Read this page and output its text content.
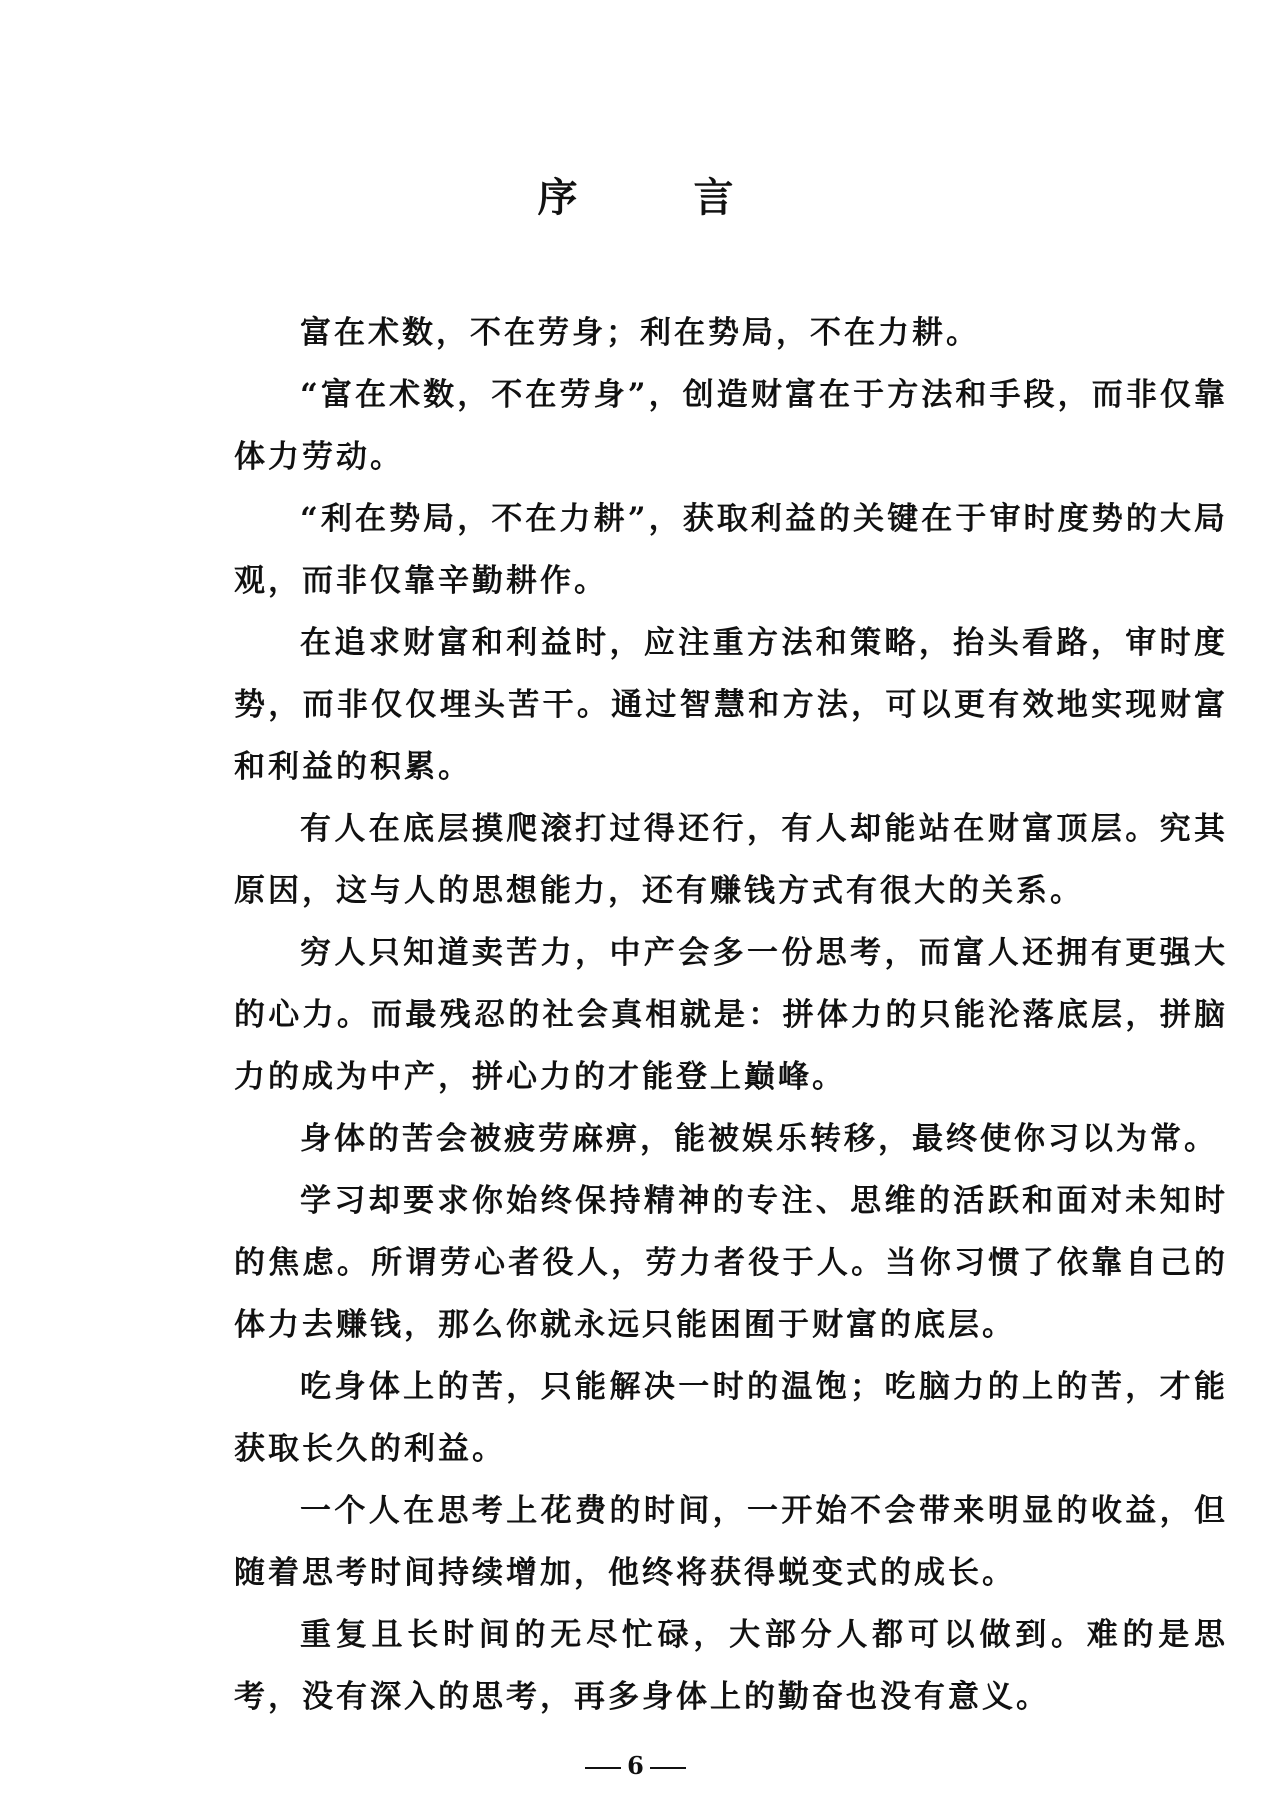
序　言

富在术数，不在劳身；利在势局，不在力耕。

“富在术数，不在劳身”，创造财富在于方法和手段，而非仅靠体力劳动。

“利在势局，不在力耕”，获取利益的关键在于审时度势的大局观，而非仅靠辛勤耕作。

在追求财富和利益时，应注重方法和策略，抬头看路，审时度势，而非仅仅埋头苦干。通过智慧和方法，可以更有效地实现财富和利益的积累。

有人在底层摸爬滚打过得还行，有人却能站在财富顶层。究其原因，这与人的思想能力，还有赚钱方式有很大的关系。

穷人只知道卖苦力，中产会多一份思考，而富人还拥有更强大的心力。而最残忍的社会真相就是：拼体力的只能沦落底层，拼脑力的成为中产，拼心力的才能登上巅峰。

身体的苦会被疲劳麻痹，能被娱乐转移，最终使你习以为常。

学习却要求你始终保持精神的专注、思维的活跃和面对未知时的焦虑。所谓劳心者役人，劳力者役于人。当你习惯了依靠自己的体力去赚钱，那么你就永远只能困囿于财富的底层。

吃身体上的苦，只能解决一时的温饱；吃脑力的上的苦，才能获取长久的利益。

一个人在思考上花费的时间，一开始不会带来明显的收益，但随着思考时间持续增加，他终将获得蜕变式的成长。

重复且长时间的无尽忙碌，大部分人都可以做到。难的是思考，没有深入的思考，再多身体上的勤奋也没有意义。

6
